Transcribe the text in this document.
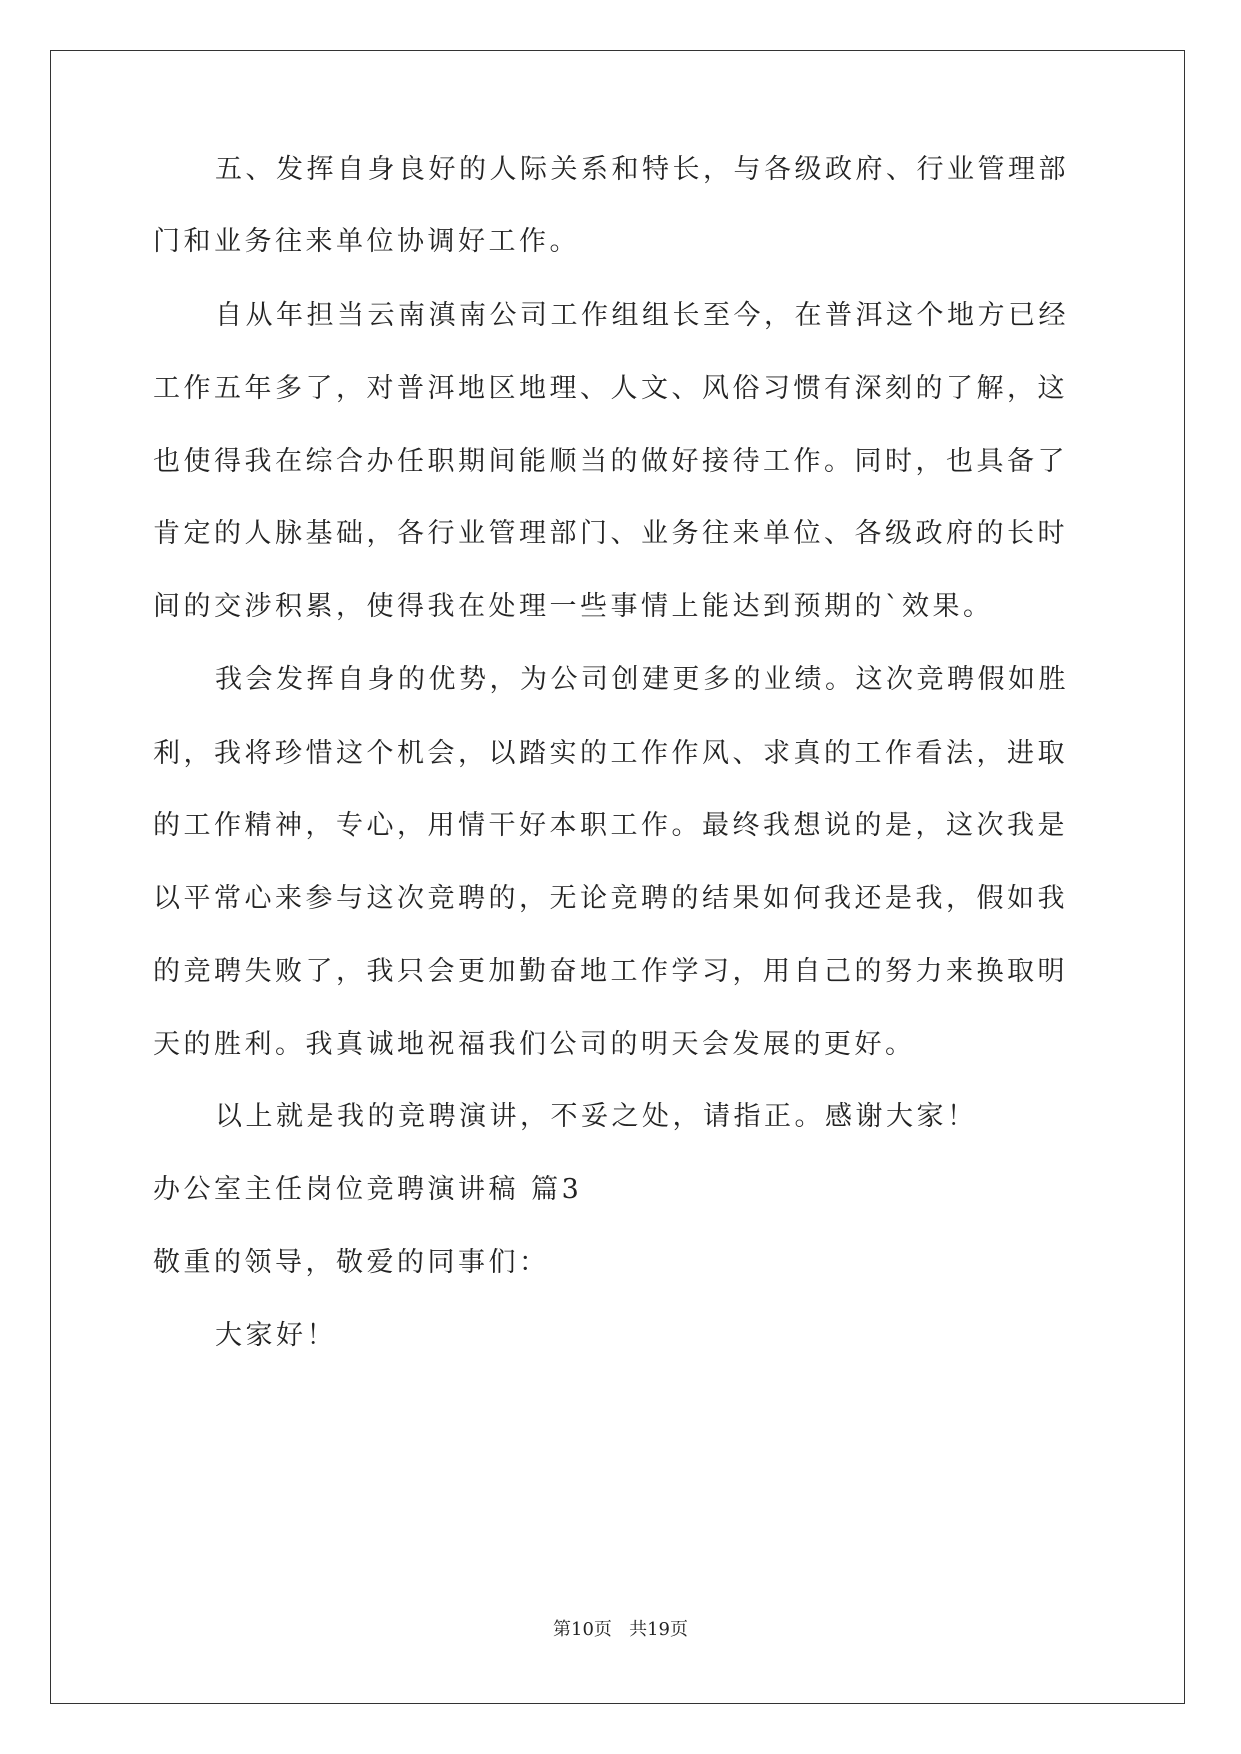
五、发挥自身良好的人际关系和特长，与各级政府、行业管理部
门和业务往来单位协调好工作。
自从年担当云南滇南公司工作组组长至今，在普洱这个地方已经
工作五年多了，对普洱地区地理、人文、风俗习惯有深刻的了解，这
也使得我在综合办任职期间能顺当的做好接待工作。同时，也具备了
肯定的人脉基础，各行业管理部门、业务往来单位、各级政府的长时
间的交涉积累，使得我在处理一些事情上能达到预期的`效果。
我会发挥自身的优势，为公司创建更多的业绩。这次竞聘假如胜
利，我将珍惜这个机会，以踏实的工作作风、求真的工作看法，进取
的工作精神，专心，用情干好本职工作。最终我想说的是，这次我是
以平常心来参与这次竞聘的，无论竞聘的结果如何我还是我，假如我
的竞聘失败了，我只会更加勤奋地工作学习，用自己的努力来换取明
天的胜利。我真诚地祝福我们公司的明天会发展的更好。
以上就是我的竞聘演讲，不妥之处，请指正。感谢大家！
办公室主任岗位竞聘演讲稿 篇3
敬重的领导，敬爱的同事们：
大家好！
第10页 共19页
